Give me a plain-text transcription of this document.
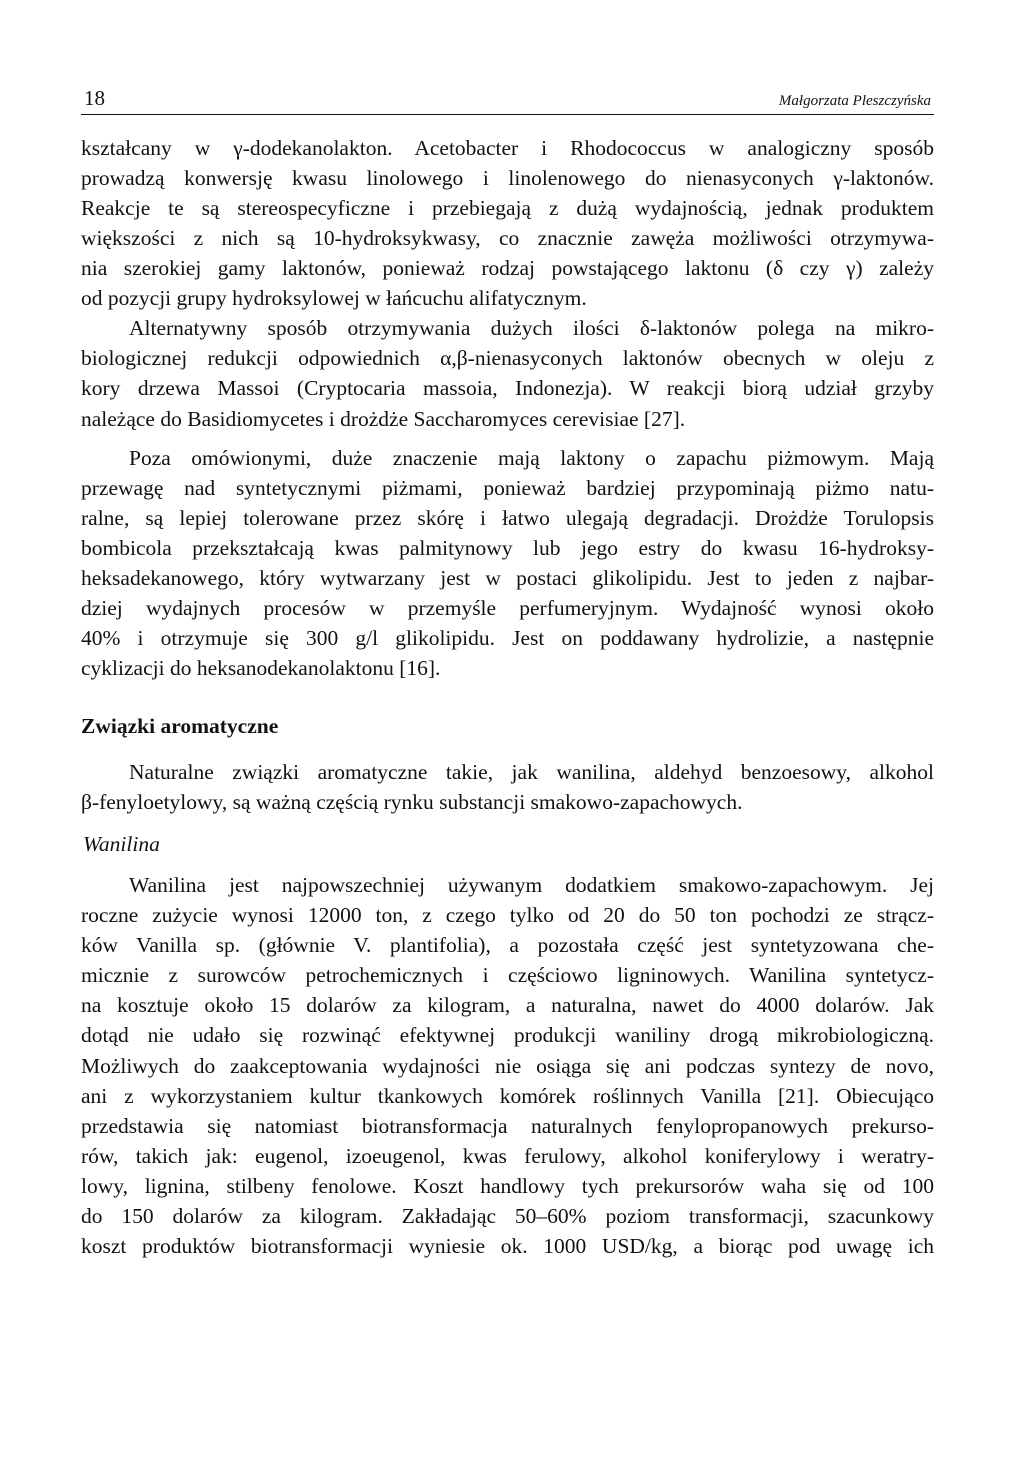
18	Małgorzata Pleszczyńska
kształcany w γ-dodekanolakton. Acetobacter i Rhodococcus w analogiczny sposób
prowadzą konwersję kwasu linolowego i linolenowego do nienasyconych γ-laktonów.
Reakcje te są stereospecyficzne i przebiegają z dużą wydajnością, jednak produktem
większości z nich są 10-hydroksykwasy, co znacznie zawęża możliwości otrzymywa-
nia szerokiej gamy laktonów, ponieważ rodzaj powstającego laktonu (δ czy γ) zależy
od pozycji grupy hydroksylowej w łańcuchu alifatycznym.
Alternatywny sposób otrzymywania dużych ilości δ-laktonów polega na mikro-
biologicznej redukcji odpowiednich α,β-nienasyconych laktonów obecnych w oleju z
kory drzewa Massoi (Cryptocaria massoia, Indonezja). W reakcji biorą udział grzyby
należące do Basidiomycetes i drożdże Saccharomyces cerevisiae [27].
Poza omówionymi, duże znaczenie mają laktony o zapachu piżmowym. Mają
przewagę nad syntetycznymi piżmami, ponieważ bardziej przypominają piżmo natu-
ralne, są lepiej tolerowane przez skórę i łatwo ulegają degradacji. Drożdże Torulopsis
bombicola przekształcają kwas palmitynowy lub jego estry do kwasu 16-hydroksy-
heksadekanowego, który wytwarzany jest w postaci glikolipidu. Jest to jeden z najbar-
dziej wydajnych procesów w przemyśle perfumeryjnym. Wydajność wynosi około
40% i otrzymuje się 300 g/l glikolipidu. Jest on poddawany hydrolizie, a następnie
cyklizacji do heksanodekanolaktonu [16].
Związki aromatyczne
Naturalne związki aromatyczne takie, jak wanilina, aldehyd benzoesowy, alkohol
β-fenyloetylowy, są ważną częścią rynku substancji smakowo-zapachowych.
Wanilina
Wanilina jest najpowszechniej używanym dodatkiem smakowo-zapachowym. Jej
roczne zużycie wynosi 12000 ton, z czego tylko od 20 do 50 ton pochodzi ze strącz-
ków Vanilla sp. (głównie V. plantifolia), a pozostała część jest syntetyzowana che-
micznie z surowców petrochemicznych i częściowo ligninowych. Wanilina syntetycz-
na kosztuje około 15 dolarów za kilogram, a naturalna, nawet do 4000 dolarów. Jak
dotąd nie udało się rozwinąć efektywnej produkcji waniliny drogą mikrobiologiczną.
Możliwych do zaakceptowania wydajności nie osiąga się ani podczas syntezy de novo,
ani z wykorzystaniem kultur tkankowych komórek roślinnych Vanilla [21]. Obiecująco
przedstawia się natomiast biotransformacja naturalnych fenylopropanowych prekurso-
rów, takich jak: eugenol, izoeugenol, kwas ferulowy, alkohol koniferylowy i weratry-
lowy, lignina, stilbeny fenolowe. Koszt handlowy tych prekursorów waha się od 100
do 150 dolarów za kilogram. Zakładając 50–60% poziom transformacji, szacunkowy
koszt produktów biotransformacji wyniesie ok. 1000 USD/kg, a biorąc pod uwagę ich
